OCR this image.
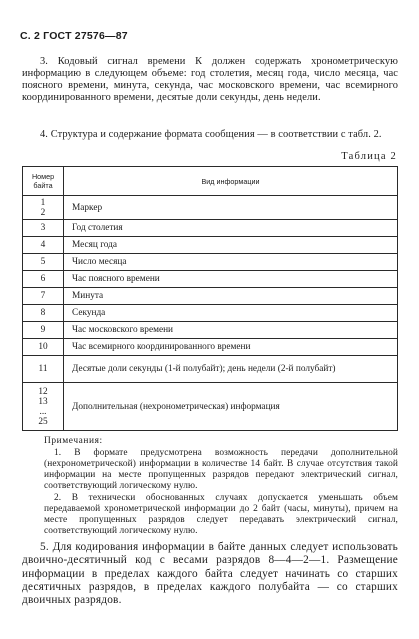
С. 2 ГОСТ 27576—87
3. Кодовый сигнал времени К должен содержать хронометрическую информацию в следующем объеме: год столетия, месяц года, число месяца, час поясного времени, минута, секунда, час московского времени, час всемирного координированного времени, десятые доли секунды, день недели.
4. Структура и содержание формата сообщения — в соответствии с табл. 2.
Таблица 2
Номер байта	Вид информации

1
2	Маркер
3	Год столетия
4	Месяц года
5	Число месяца
6	Час поясного времени
7	Минута
8	Секунда
9	Час московского времени
10	Час всемирного координированного времени
11	Десятые доли секунды (1-й полубайт); день недели (2-й полубайт)

12
13
...
25	Дополнительная (нехронометрическая) информация
Примечания:
1. В формате предусмотрена возможность передачи дополнительной (нехронометрической) информации в количестве 14 байт. В случае отсутствия такой информации на месте пропущенных разрядов передают электрический сигнал, соответствующий логическому нулю.
2. В технически обоснованных случаях допускается уменьшать объем передаваемой хронометрической информации до 2 байт (часы, минуты), причем на месте пропущенных разрядов следует передавать электрический сигнал, соответствующий логическому нулю.
5. Для кодирования информации в байте данных следует использовать двоично-десятичный код с весами разрядов 8—4—2—1. Размещение информации в пределах каждого байта следует начинать со старших десятичных разрядов, в пределах каждого полубайта — со старших двоичных разрядов.
